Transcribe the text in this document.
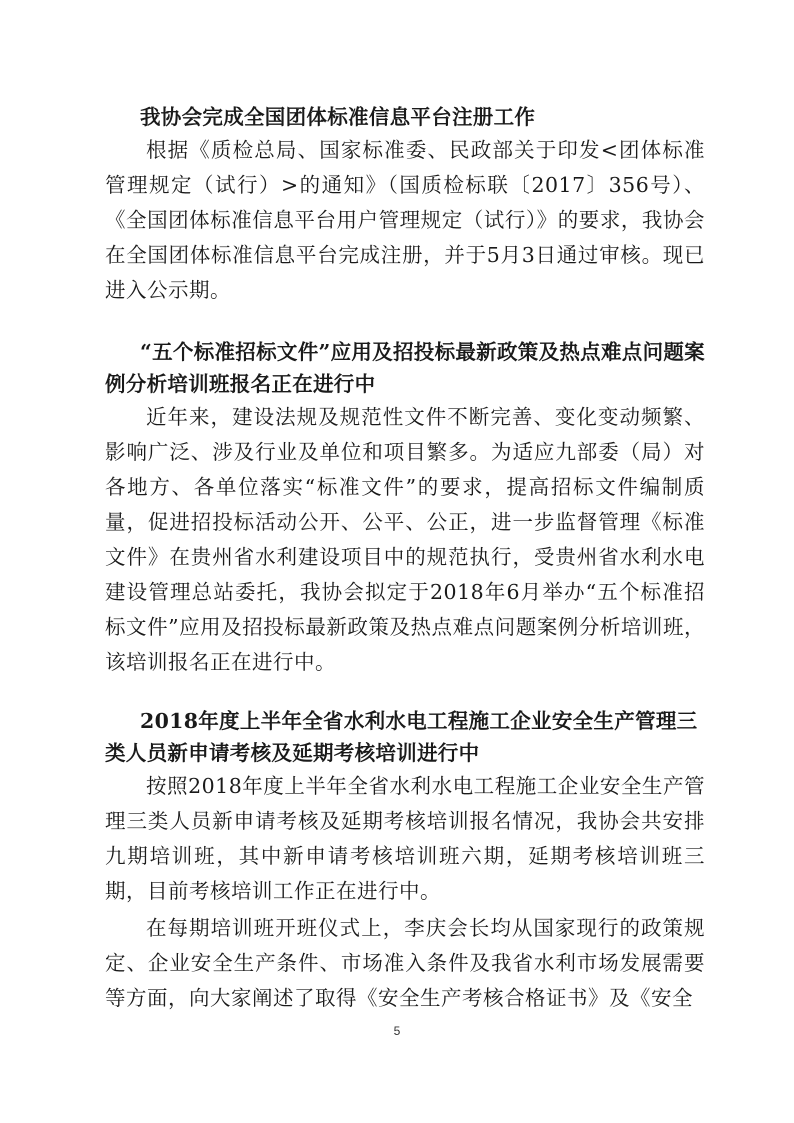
我协会完成全国团体标准信息平台注册工作

根据《质检总局、国家标准委、民政部关于印发<团体标准管理规定（试行）>的通知》（国质检标联〔2017〕356号）、《全国团体标准信息平台用户管理规定（试行）》的要求，我协会在全国团体标准信息平台完成注册，并于5月3日通过审核。现已进入公示期。

“五个标准招标文件”应用及招投标最新政策及热点难点问题案例分析培训班报名正在进行中

近年来，建设法规及规范性文件不断完善、变化变动频繁、影响广泛、涉及行业及单位和项目繁多。为适应九部委（局）对各地方、各单位落实“标准文件”的要求，提高招标文件编制质量，促进招投标活动公开、公平、公正，进一步监督管理《标准文件》在贵州省水利建设项目中的规范执行，受贵州省水利水电建设管理总站委托，我协会拟定于2018年6月举办“五个标准招标文件”应用及招投标最新政策及热点难点问题案例分析培训班，该培训报名正在进行中。

2018年度上半年全省水利水电工程施工企业安全生产管理三类人员新申请考核及延期考核培训进行中

按照2018年度上半年全省水利水电工程施工企业安全生产管理三类人员新申请考核及延期考核培训报名情况，我协会共安排九期培训班，其中新申请考核培训班六期，延期考核培训班三期，目前考核培训工作正在进行中。

在每期培训班开班仪式上，李庆会长均从国家现行的政策规定、企业安全生产条件、市场准入条件及我省水利市场发展需要等方面，向大家阐述了取得《安全生产考核合格证书》及《安全

5
